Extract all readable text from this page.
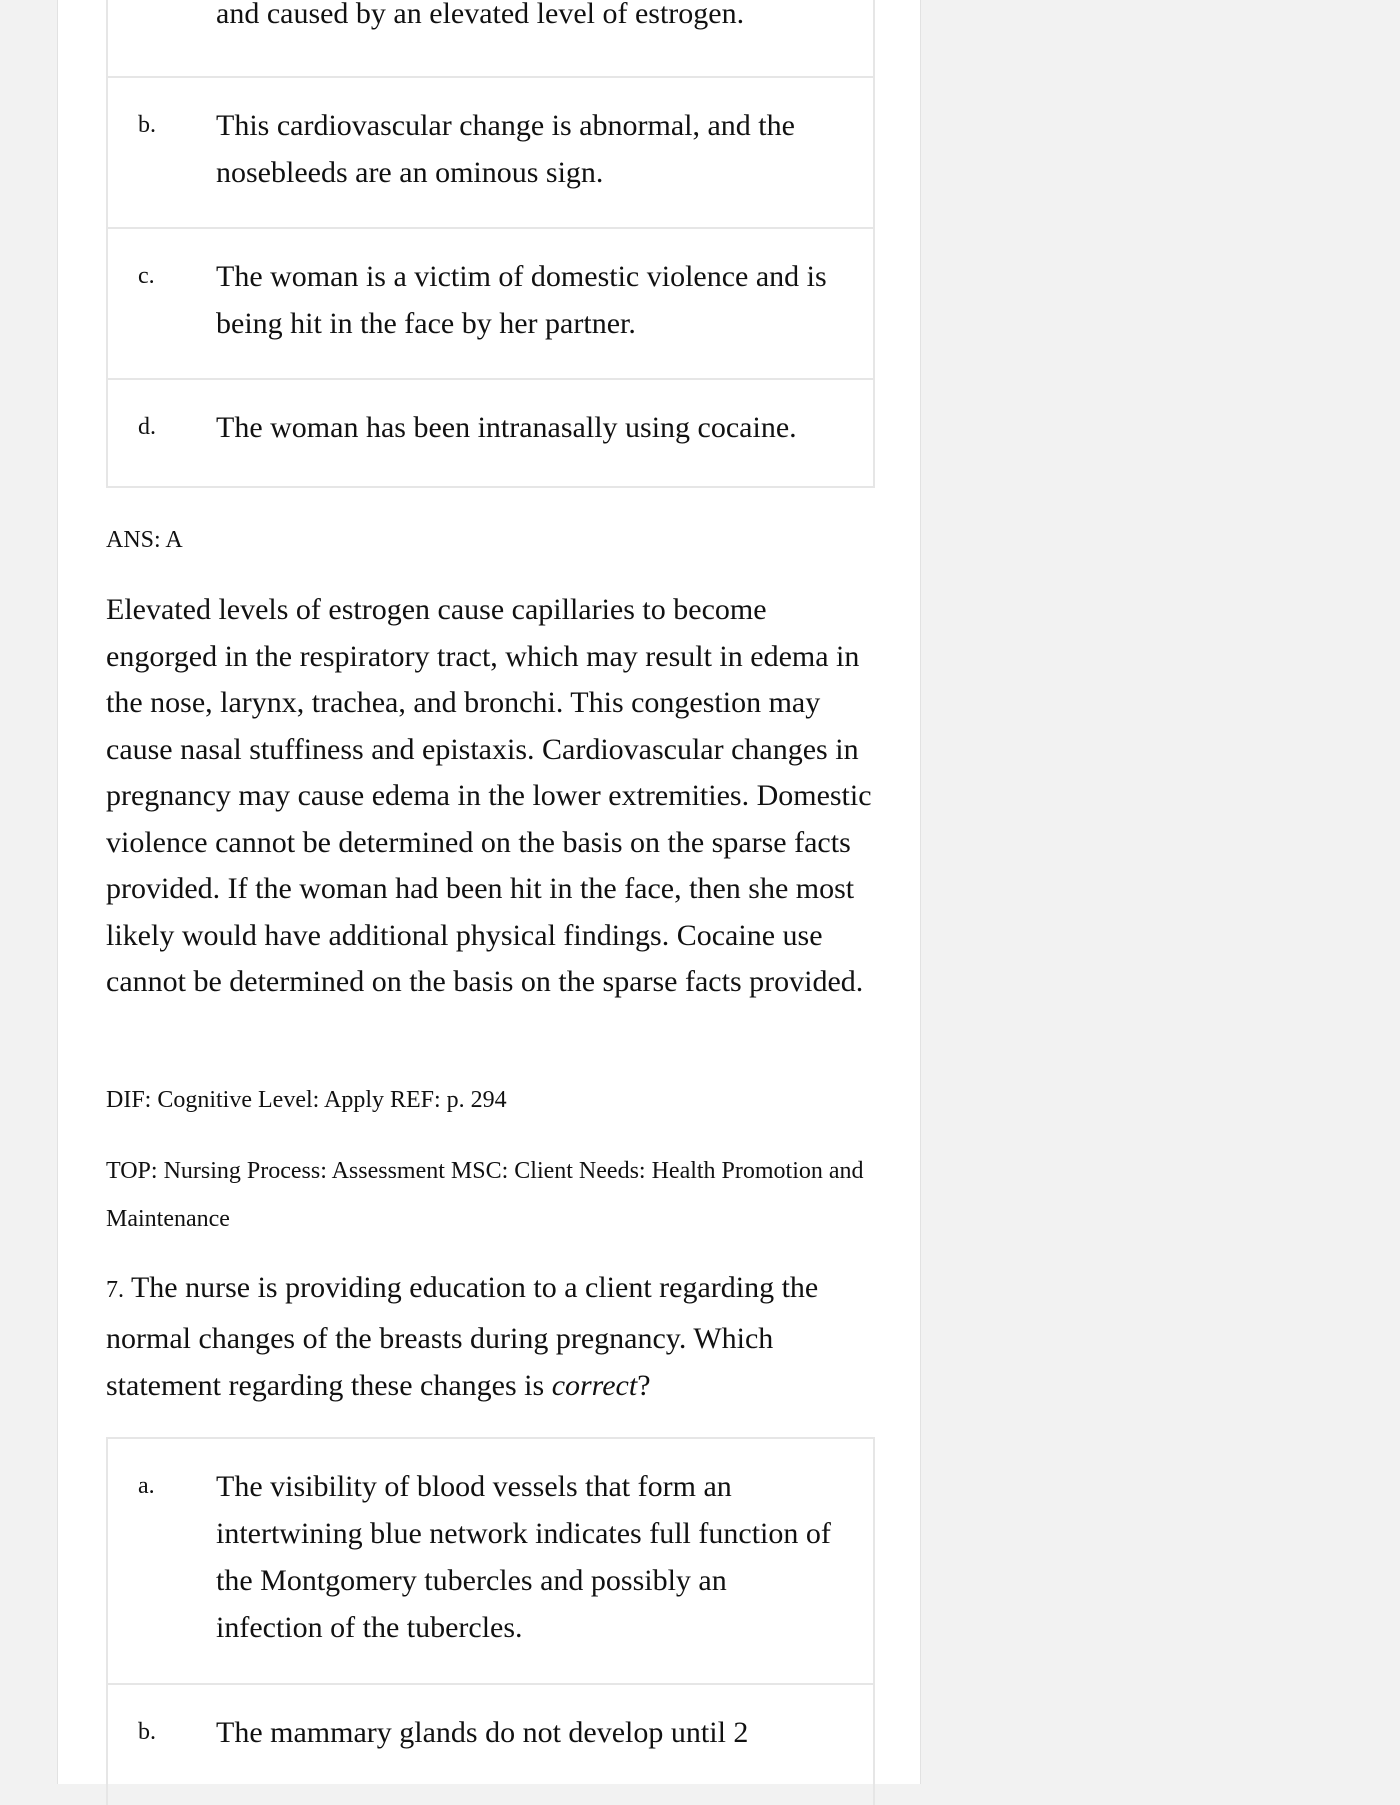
and caused by an elevated level of estrogen.
b.	This cardiovascular change is abnormal, and the nosebleeds are an ominous sign.
c.	The woman is a victim of domestic violence and is being hit in the face by her partner.
d.	The woman has been intranasally using cocaine.
ANS: A
Elevated levels of estrogen cause capillaries to become engorged in the respiratory tract, which may result in edema in the nose, larynx, trachea, and bronchi. This congestion may cause nasal stuffiness and epistaxis. Cardiovascular changes in pregnancy may cause edema in the lower extremities. Domestic violence cannot be determined on the basis on the sparse facts provided. If the woman had been hit in the face, then she most likely would have additional physical findings. Cocaine use cannot be determined on the basis on the sparse facts provided.
DIF: Cognitive Level: Apply REF: p. 294
TOP: Nursing Process: Assessment MSC: Client Needs: Health Promotion and Maintenance
7. The nurse is providing education to a client regarding the normal changes of the breasts during pregnancy. Which statement regarding these changes is correct?
a.	The visibility of blood vessels that form an intertwining blue network indicates full function of the Montgomery tubercles and possibly an infection of the tubercles.
b.	The mammary glands do not develop until 2
